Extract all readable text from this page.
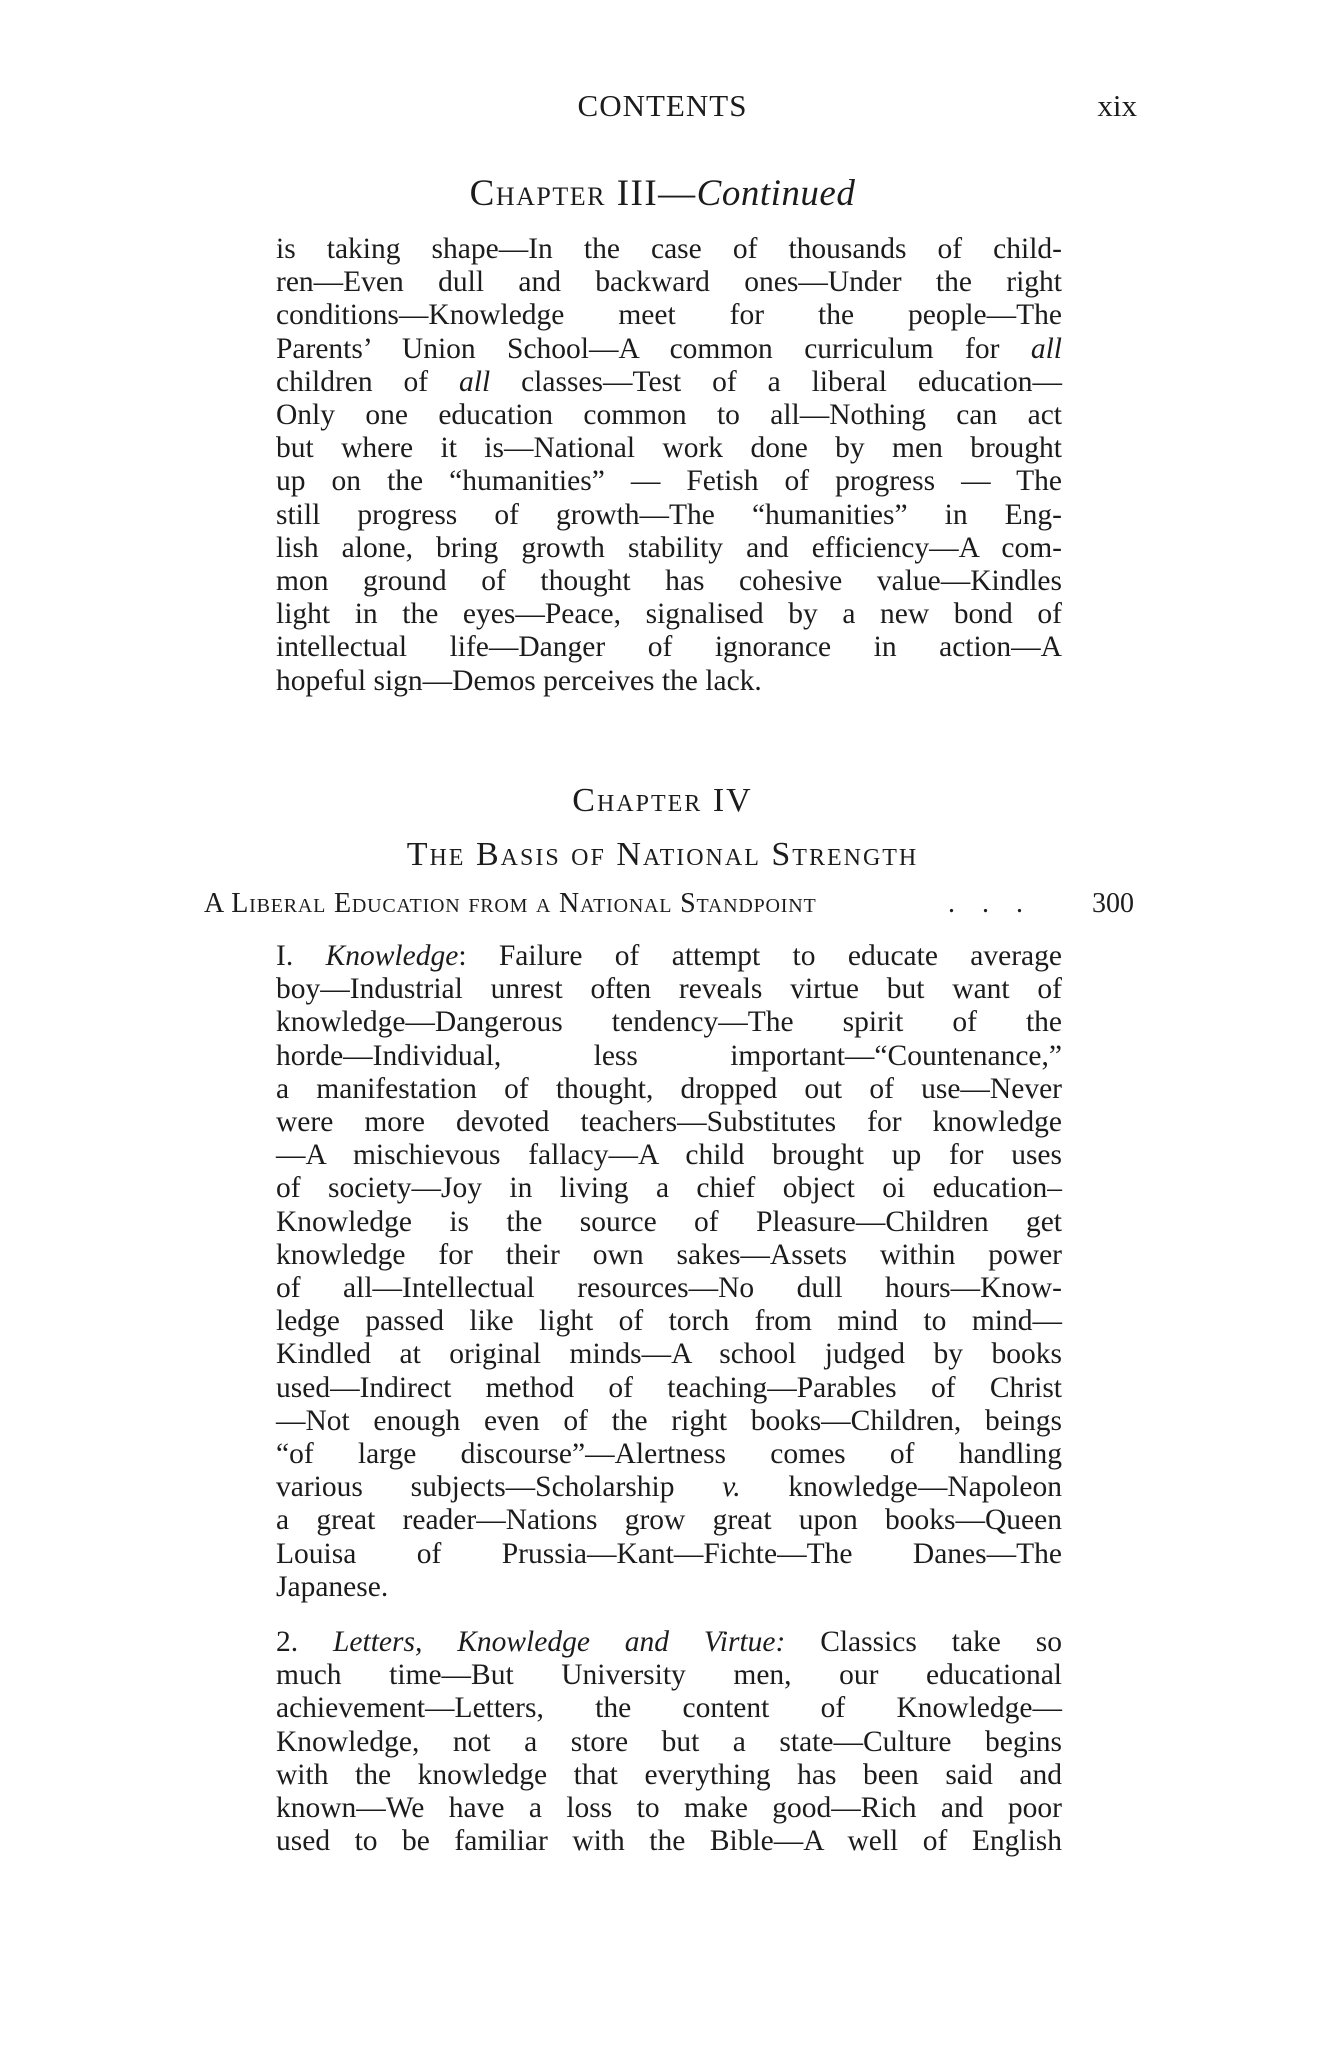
CONTENTS	xix
Chapter III—Continued
is taking shape—In the case of thousands of child-
ren—Even dull and backward ones—Under the right
conditions—Knowledge meet for the people—The
Parents’ Union School—A common curriculum for all
children of all classes—Test of a liberal education—
Only one education common to all—Nothing can act
but where it is—National work done by men brought
up on the “humanities” — Fetish of progress — The
still progress of growth—The “humanities” in Eng-
lish alone, bring growth stability and efficiency—A com-
mon ground of thought has cohesive value—Kindles
light in the eyes—Peace, signalised by a new bond of
intellectual life—Danger of ignorance in action—A
hopeful sign—Demos perceives the lack.
Chapter IV
The Basis of National Strength
A Liberal Education from a National Standpoint	. . . 300
I. Knowledge: Failure of attempt to educate average
boy—Industrial unrest often reveals virtue but want of
knowledge—Dangerous tendency—The spirit of the
horde—Individual, less important—“Countenance,”
a manifestation of thought, dropped out of use—Never
were more devoted teachers—Substitutes for knowledge
—A mischievous fallacy—A child brought up for uses
of society—Joy in living a chief object oi education–
Knowledge is the source of Pleasure—Children get
knowledge for their own sakes—Assets within power
of all—Intellectual resources—No dull hours—Know-
ledge passed like light of torch from mind to mind—
Kindled at original minds—A school judged by books
used—Indirect method of teaching—Parables of Christ
—Not enough even of the right books—Children, beings
“of large discourse”—Alertness comes of handling
various subjects—Scholarship v. knowledge—Napoleon
a great reader—Nations grow great upon books—Queen
Louisa of Prussia—Kant—Fichte—The Danes—The
Japanese.
2. Letters, Knowledge and Virtue: Classics take so
much time—But University men, our educational
achievement—Letters, the content of Knowledge—
Knowledge, not a store but a state—Culture begins
with the knowledge that everything has been said and
known—We have a loss to make good—Rich and poor
used to be familiar with the Bible—A well of English
